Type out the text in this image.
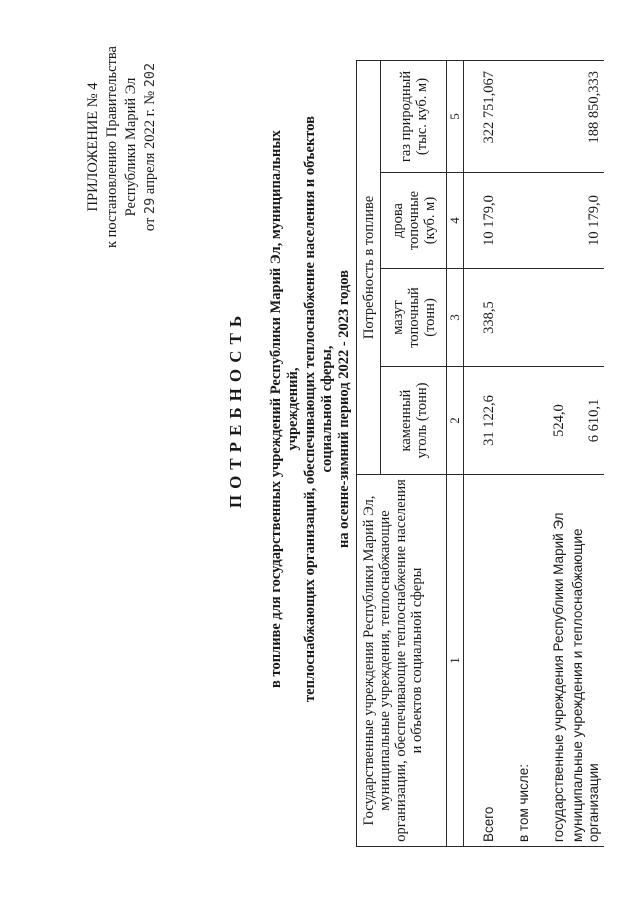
ПРИЛОЖЕНИЕ № 4 к постановлению Правительства Республики Марий Эл
от 29 апреля 2022 г. № 202
ПОТРЕБНОСТЬ в топливе для государственных учреждений Республики Марий Эл, муниципальных учреждений, теплоснабжающих организаций, обеспечивающих теплоснабжение населения и объектов социальной сферы, на осенне-зимний период 2022 - 2023 годов
Государственные учреждения Республики Марий Эл, муниципальные учреждения, теплоснабжающие организации, обеспечивающие теплоснабжение населения и объектов социальной сферы	Потребность в топливе			
	каменный уголь (тонн)	мазут топочный (тонн)	дрова топочные (куб. м)	газ природный (тыс. куб. м)
1	2	3	4	5
Всего	31 122,6	338,5	10 179,0	322 751,067
в том числе:				
государственные учреждения Республики Марий Эл	524,0			
муниципальные учреждения и теплоснабжающие организации	6 610,1		10 179,0	188 850,333
